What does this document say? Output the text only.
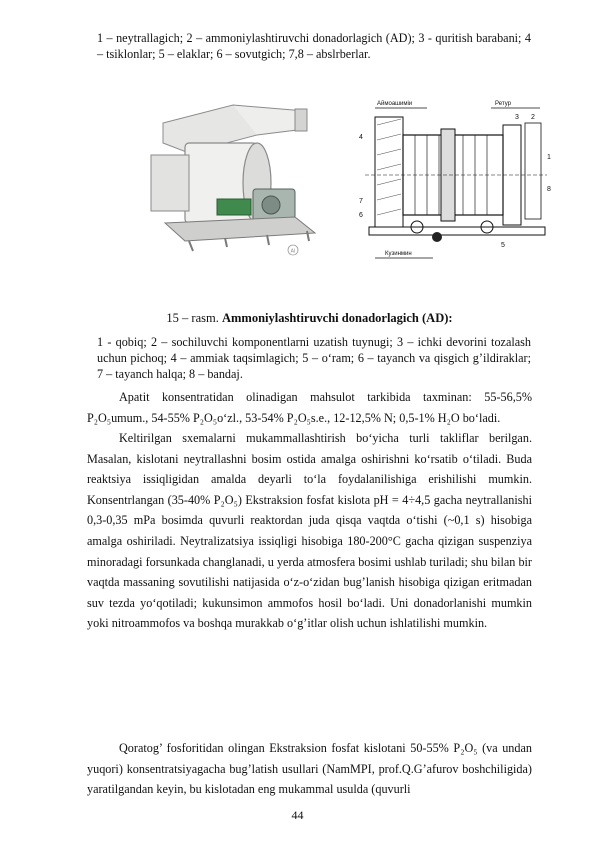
1 – neytrallagich; 2 – ammoniylashtiruvchi donadorlagich (AD); 3 - quritish barabani; 4 – tsiklonlar; 5 – elaklar; 6 – sovutgich; 7,8 – abslrberlar.
AI
Аймоашиміи	Ретур
Кузинмин
1
2
3
4
5
6
7
8
15 – rasm. Ammoniylashtiruvchi donadorlagich (AD):
1 - qobiq; 2 – sochiluvchi komponentlarni uzatish tuynugi; 3 – ichki devorini tozalash uchun pichoq; 4 – ammiak taqsimlagich; 5 – o‘ram; 6 – tayanch va qisgich g’ildiraklar; 7 – tayanch halqa; 8 – bandaj.
Apatit konsentratidan olinadigan mahsulot tarkibida taxminan: 55-56,5% P₂O₅umum., 54-55% P₂O₅o‘zl., 53-54% P₂O₅s.e., 12-12,5% N; 0,5-1% H₂O bo‘ladi.
Keltirilgan sxemalarni mukammallashtirish bo‘yicha turli takliflar berilgan. Masalan, kislotani neytrallashni bosim ostida amalga oshirishni ko‘rsatib o‘tiladi. Buda reaktsiya issiqligidan amalda deyarli to‘la foydalanilishiga erishilishi mumkin. Konsentrlangan (35-40% P₂O₅) Ekstraksion fosfat kislota pH = 4÷4,5 gacha neytrallanishi 0,3-0,35 mPa bosimda quvurli reaktordan juda qisqa vaqtda o‘tishi (~0,1 s) hisobiga amalga oshiriladi. Neytralizatsiya issiqligi hisobiga 180-200°C gacha qizigan suspenziya minoradagi forsunkada changlanadi, u yerda atmosfera bosimi ushlab turiladi; shu bilan bir vaqtda massaning sovutilishi natijasida o‘z-o‘zidan bug’lanish hisobiga qizigan eritmadan suv tezda yo‘qotiladi; kukunsimon ammofos hosil bo‘ladi. Uni donadorlanishi mumkin yoki nitroammofos va boshqa murakkab o‘g’itlar olish uchun ishlatilishi mumkin.
Qoratog’ fosforitidan olingan Ekstraksion fosfat kislotani 50-55% P₂O₅ (va undan yuqori) konsentratsiyagacha bug’latish usullari (NamMPI, prof.Q.G’afurov boshchiligida) yaratilgandan keyin, bu kislotadan eng mukammal usulda (quvurli
44
